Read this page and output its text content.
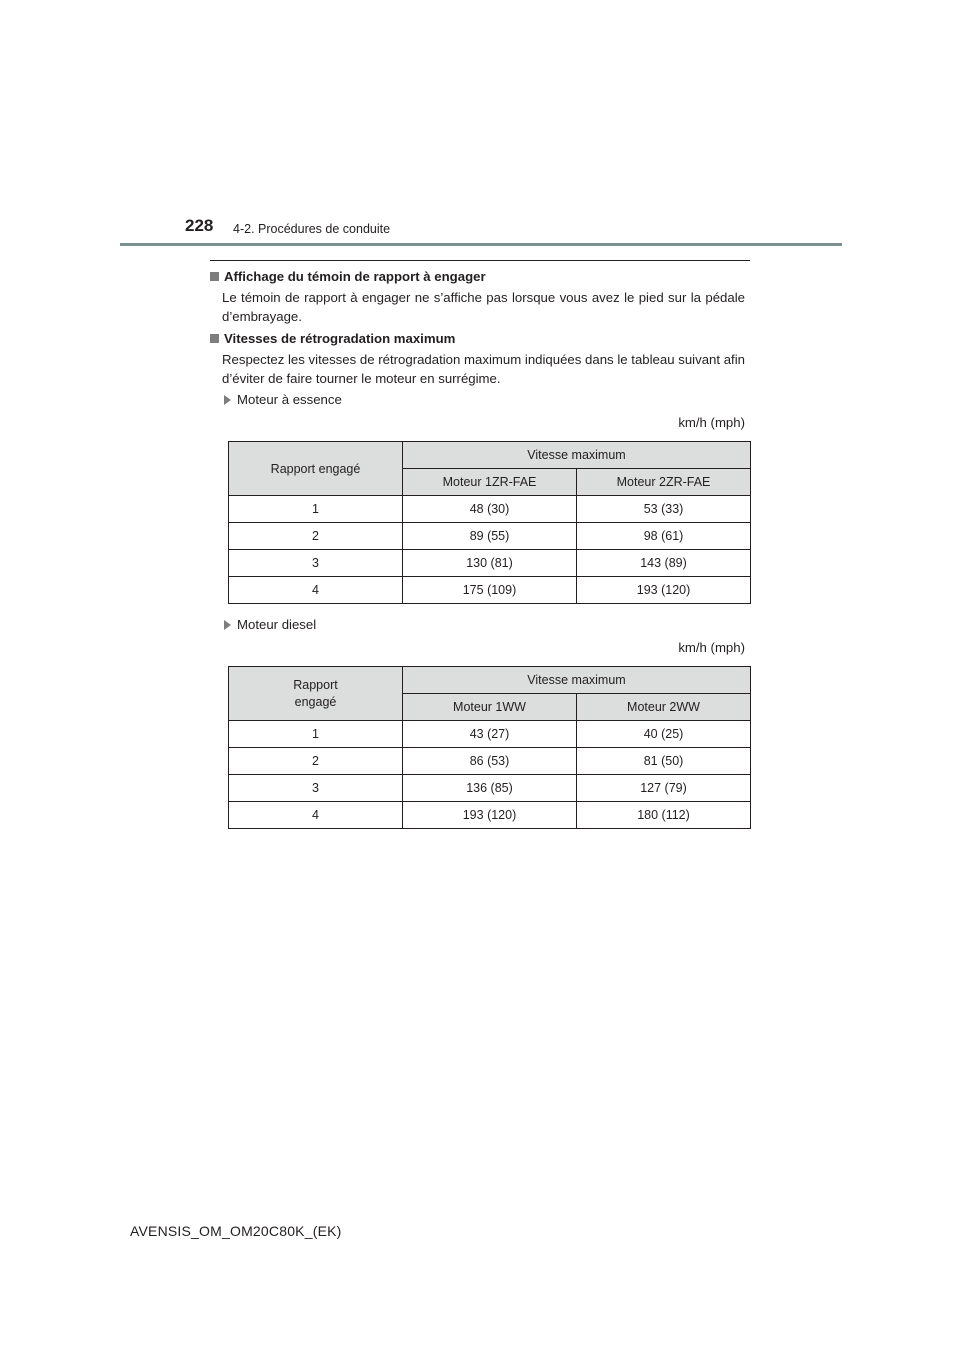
228 4-2. Procédures de conduite
Affichage du témoin de rapport à engager
Le témoin de rapport à engager ne s’affiche pas lorsque vous avez le pied sur la pédale d’embrayage.
Vitesses de rétrogradation maximum
Respectez les vitesses de rétrogradation maximum indiquées dans le tableau suivant afin d’éviter de faire tourner le moteur en surrégime.
Moteur à essence
km/h (mph)
Rapport engagé	Vitesse maximum	
	Moteur 1ZR-FAE	Moteur 2ZR-FAE
1	48 (30)	53 (33)
2	89 (55)	98 (61)
3	130 (81)	143 (89)
4	175 (109)	193 (120)
Moteur diesel
km/h (mph)
Rapport
engagé	Vitesse maximum	
	Moteur 1WW	Moteur 2WW
1	43 (27)	40 (25)
2	86 (53)	81 (50)
3	136 (85)	127 (79)
4	193 (120)	180 (112)
AVENSIS_OM_OM20C80K_(EK)
